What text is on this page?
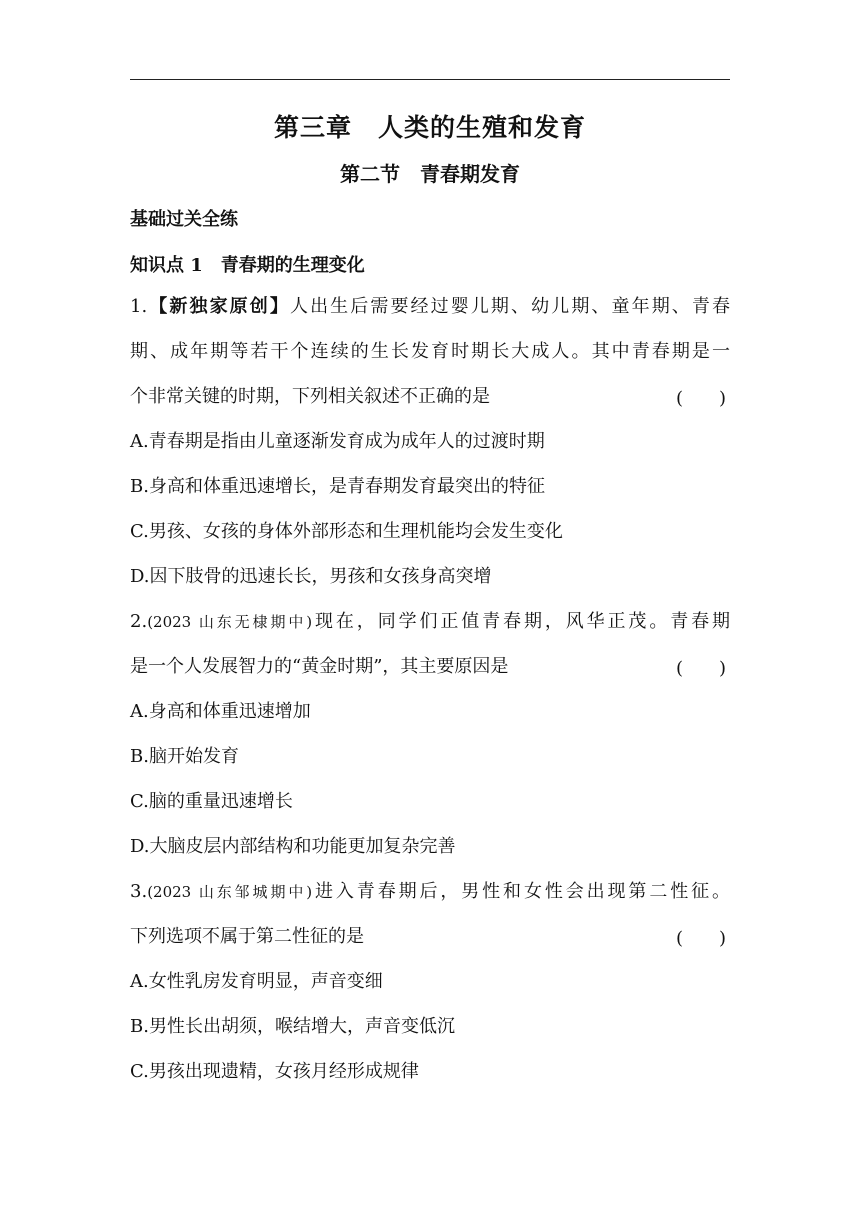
第三章　人类的生殖和发育
第二节　青春期发育
基础过关全练
知识点 1　青春期的生理变化
1.【新独家原创】人出生后需要经过婴儿期、幼儿期、童年期、青春
期、成年期等若干个连续的生长发育时期长大成人。其中青春期是一
个非常关键的时期，下列相关叙述不正确的是	(　　)
A.青春期是指由儿童逐渐发育成为成年人的过渡时期
B.身高和体重迅速增长，是青春期发育最突出的特征
C.男孩、女孩的身体外部形态和生理机能均会发生变化
D.因下肢骨的迅速长长，男孩和女孩身高突增
2.(2023 山东无棣期中)现在，同学们正值青春期，风华正茂。青春期
是一个人发展智力的“黄金时期”，其主要原因是	(　　)
A.身高和体重迅速增加
B.脑开始发育
C.脑的重量迅速增长
D.大脑皮层内部结构和功能更加复杂完善
3.(2023 山东邹城期中)进入青春期后，男性和女性会出现第二性征。
下列选项不属于第二性征的是	(　　)
A.女性乳房发育明显，声音变细
B.男性长出胡须，喉结增大，声音变低沉
C.男孩出现遗精，女孩月经形成规律
